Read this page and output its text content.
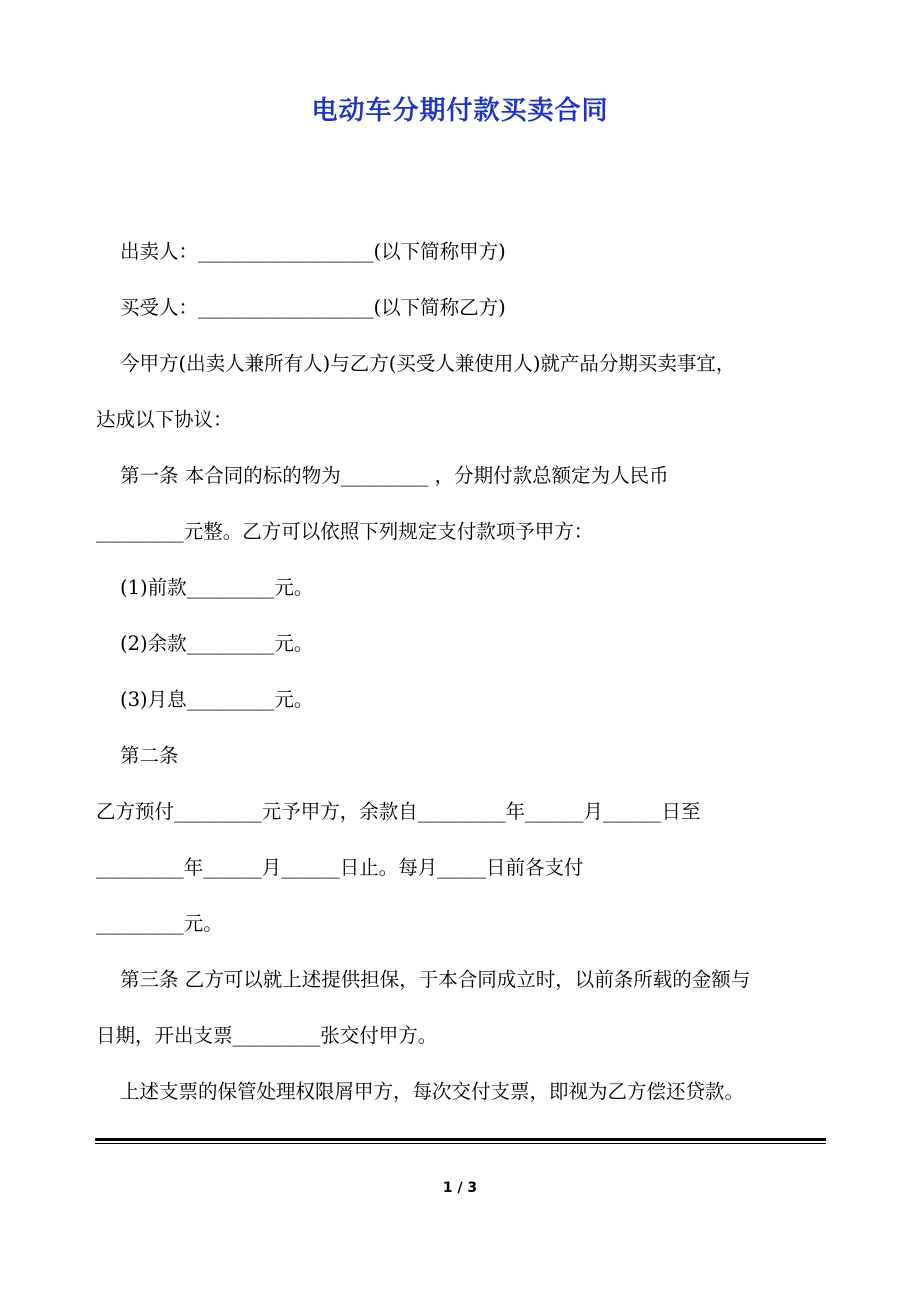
电动车分期付款买卖合同
出卖人：__________________(以下简称甲方)
买受人：__________________(以下简称乙方)
今甲方(出卖人兼所有人)与乙方(买受人兼使用人)就产品分期买卖事宜，
达成以下协议：
第一条 本合同的标的物为_________ ，分期付款总额定为人民币
_________元整。乙方可以依照下列规定支付款项予甲方：
(1)前款_________元。
(2)余款_________元。
(3)月息_________元。
第二条
乙方预付_________元予甲方，余款自_________年______月______日至
_________年______月______日止。每月_____日前各支付
_________元。
第三条 乙方可以就上述提供担保，于本合同成立时，以前条所载的金额与
日期，开出支票_________张交付甲方。
上述支票的保管处理权限屑甲方，每次交付支票，即视为乙方偿还贷款。
1 / 3
